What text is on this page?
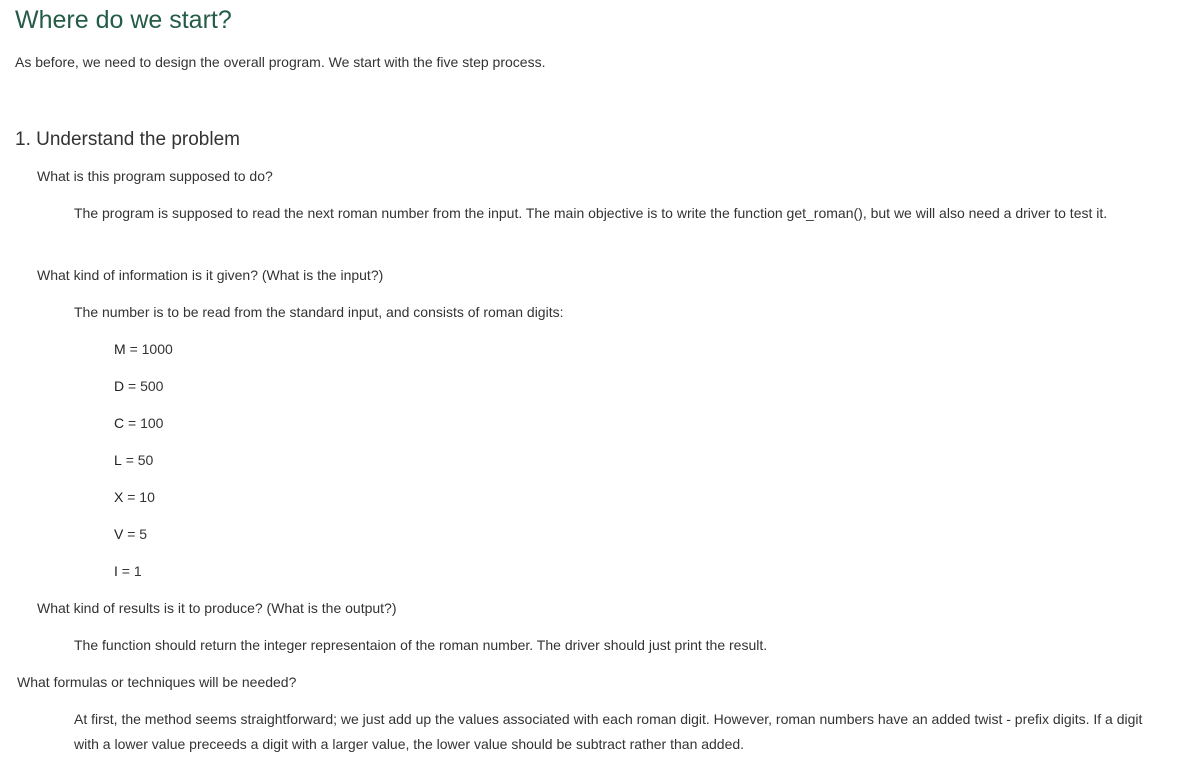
Where do we start?

As before, we need to design the overall program. We start with the five step process.

1. Understand the problem

What is this program supposed to do?

The program is supposed to read the next roman number from the input. The main objective is to write the function get_roman(), but we will also need a driver to test it.

What kind of information is it given? (What is the input?)

The number is to be read from the standard input, and consists of roman digits:

M = 1000

D = 500

C = 100

L = 50

X = 10

V = 5

I = 1

What kind of results is it to produce? (What is the output?)

The function should return the integer representaion of the roman number. The driver should just print the result.

What formulas or techniques will be needed?

At first, the method seems straightforward; we just add up the values associated with each roman digit. However, roman numbers have an added twist - prefix digits. If a digit with a lower value preceeds a digit with a larger value, the lower value should be subtract rather than added.
